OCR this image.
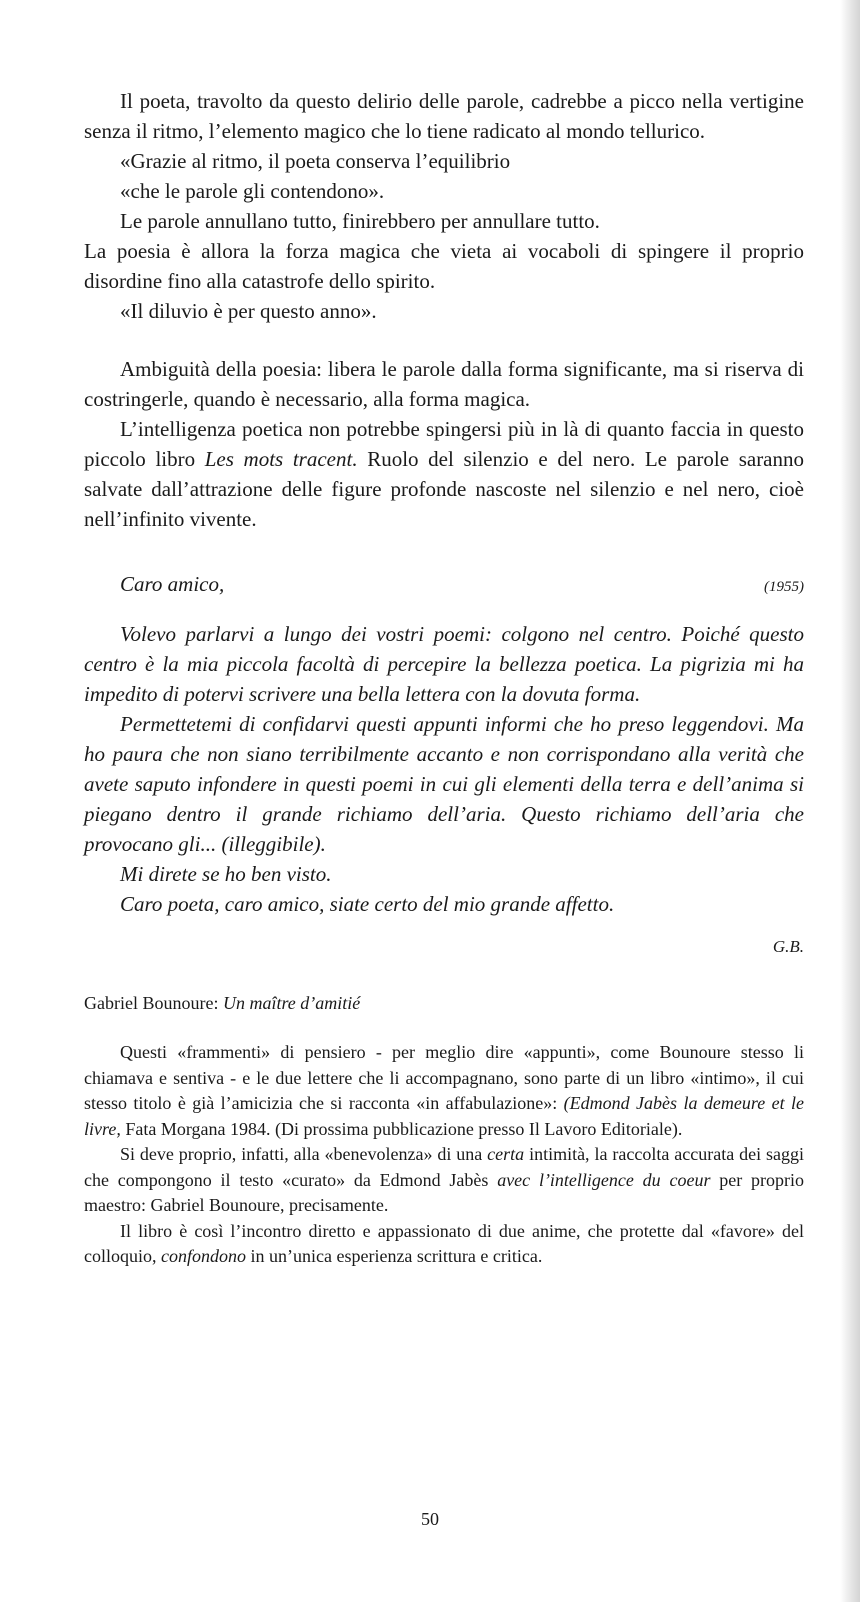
Il poeta, travolto da questo delirio delle parole, cadrebbe a picco nella vertigine senza il ritmo, l’elemento magico che lo tiene radicato al mondo tellurico.

«Grazie al ritmo, il poeta conserva l’equilibrio

«che le parole gli contendono».

Le parole annullano tutto, finirebbero per annullare tutto.

La poesia è allora la forza magica che vieta ai vocaboli di spingere il proprio disordine fino alla catastrofe dello spirito.

«Il diluvio è per questo anno».

Ambiguità della poesia: libera le parole dalla forma significante, ma si riserva di costringerle, quando è necessario, alla forma magica.

L’intelligenza poetica non potrebbe spingersi più in là di quanto faccia in questo piccolo libro Les mots tracent. Ruolo del silenzio e del nero. Le parole saranno salvate dall’attrazione delle figure profonde nascoste nel silenzio e nel nero, cioè nell’infinito vivente.

Caro amico,	(1955)

Volevo parlarvi a lungo dei vostri poemi: colgono nel centro. Poiché questo centro è la mia piccola facoltà di percepire la bellezza poetica. La pigrizia mi ha impedito di potervi scrivere una bella lettera con la dovuta forma.

Permettetemi di confidarvi questi appunti informi che ho preso leggendovi. Ma ho paura che non siano terribilmente accanto e non corrispondano alla verità che avete saputo infondere in questi poemi in cui gli elementi della terra e dell’anima si piegano dentro il grande richiamo dell’aria. Questo richiamo dell’aria che provocano gli... (illeggibile).

Mi direte se ho ben visto.

Caro poeta, caro amico, siate certo del mio grande affetto.

G.B.
Gabriel Bounoure: Un maître d’amitié

Questi «frammenti» di pensiero - per meglio dire «appunti», come Bounoure stesso li chiamava e sentiva - e le due lettere che li accompagnano, sono parte di un libro «intimo», il cui stesso titolo è già l’amicizia che si racconta «in affabulazione»: (Edmond Jabès la demeure et le livre, Fata Morgana 1984. (Di prossima pubblicazione presso Il Lavoro Editoriale).

Si deve proprio, infatti, alla «benevolenza» di una certa intimità, la raccolta accurata dei saggi che compongono il testo «curato» da Edmond Jabès avec l’intelligence du coeur per proprio maestro: Gabriel Bounoure, precisamente.

Il libro è così l’incontro diretto e appassionato di due anime, che protette dal «favore» del colloquio, confondono in un’unica esperienza scrittura e critica.

50
